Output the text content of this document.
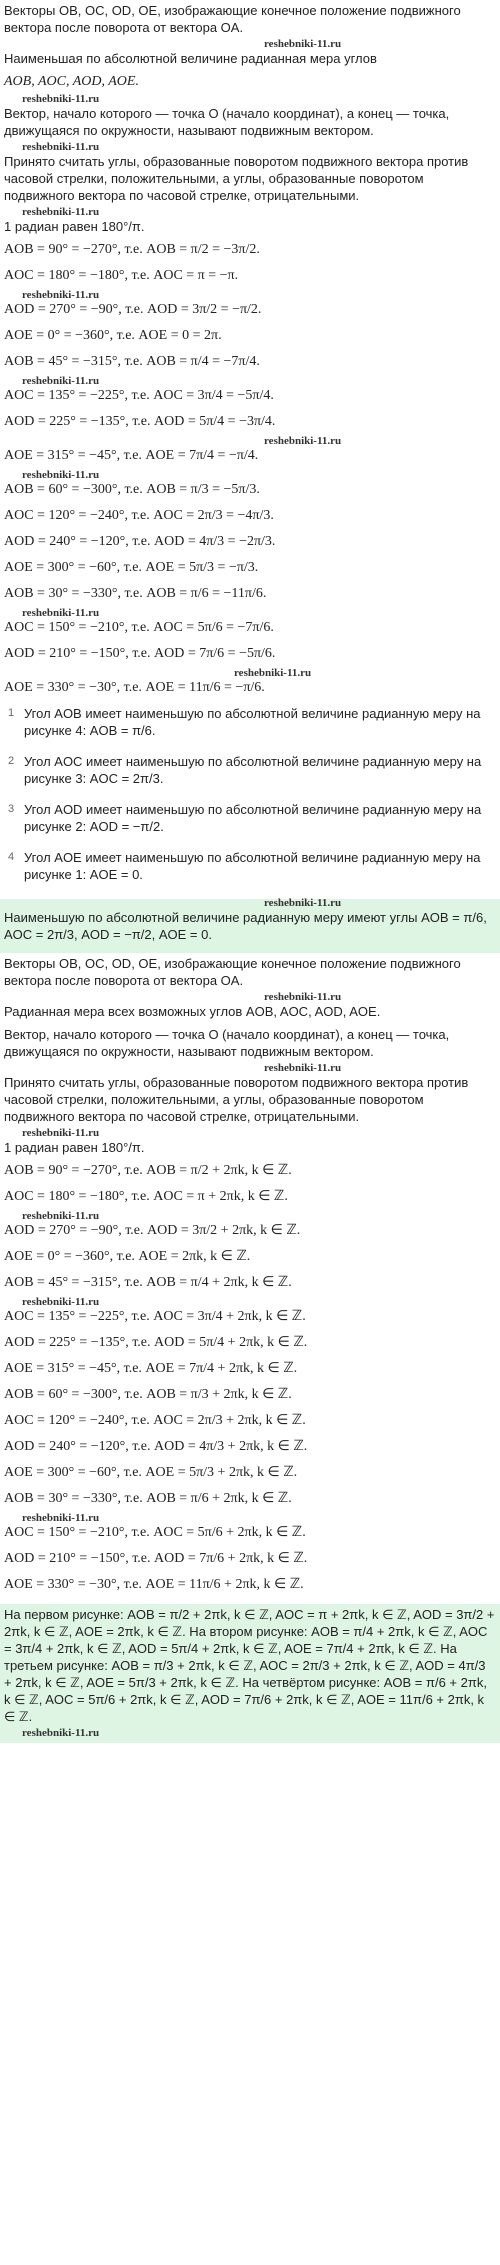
Векторы OB, OC, OD, OE, изображающие конечное положение подвижного вектора после поворота от вектора OA.

reshebniki-11.ru

Наименьшая по абсолютной величине радианная мера углов

AOB, AOC, AOD, AOE.

reshebniki-11.ru

Вектор, начало которого — точка O (начало координат), а конец — точка, движущаяся по окружности, называют подвижным вектором.

reshebniki-11.ru

Принято считать углы, образованные поворотом подвижного вектора против часовой стрелки, положительными, а углы, образованные поворотом подвижного вектора по часовой стрелке, отрицательными.

reshebniki-11.ru

1 радиан равен 180°/π.

AOB = 90° = −270°, т.е. AOB = π/2 = −3π/2.

AOC = 180° = −180°, т.е. AOC = π = −π.

reshebniki-11.ru

AOD = 270° = −90°, т.е. AOD = 3π/2 = −π/2.

AOE = 0° = −360°, т.е. AOE = 0 = 2π.

AOB = 45° = −315°, т.е. AOB = π/4 = −7π/4.

reshebniki-11.ru

AOC = 135° = −225°, т.е. AOC = 3π/4 = −5π/4.

AOD = 225° = −135°, т.е. AOD = 5π/4 = −3π/4.

reshebniki-11.ru

AOE = 315° = −45°, т.е. AOE = 7π/4 = −π/4.

reshebniki-11.ru

AOB = 60° = −300°, т.е. AOB = π/3 = −5π/3.

AOC = 120° = −240°, т.е. AOC = 2π/3 = −4π/3.

AOD = 240° = −120°, т.е. AOD = 4π/3 = −2π/3.

AOE = 300° = −60°, т.е. AOE = 5π/3 = −π/3.

AOB = 30° = −330°, т.е. AOB = π/6 = −11π/6.

reshebniki-11.ru

AOC = 150° = −210°, т.е. AOC = 5π/6 = −7π/6.

AOD = 210° = −150°, т.е. AOD = 7π/6 = −5π/6.

reshebniki-11.ru

AOE = 330° = −30°, т.е. AOE = 11π/6 = −π/6.

1 Угол AOB имеет наименьшую по абсолютной величине радианную меру на рисунке 4: AOB = π/6.
2 Угол AOC имеет наименьшую по абсолютной величине радианную меру на рисунке 3: AOC = 2π/3.
3 Угол AOD имеет наименьшую по абсолютной величине радианную меру на рисунке 2: AOD = −π/2.
4 Угол AOE имеет наименьшую по абсолютной величине радианную меру на рисунке 1: AOE = 0.
reshebniki-11.ru

Наименьшую по абсолютной величине радианную меру имеют углы AOB = π/6, AOC = 2π/3, AOD = −π/2, AOE = 0.

Векторы OB, OC, OD, OE, изображающие конечное положение подвижного вектора после поворота от вектора OA.

reshebniki-11.ru

Радианная мера всех возможных углов AOB, AOC, AOD, AOE.

Вектор, начало которого — точка O (начало координат), а конец — точка, движущаяся по окружности, называют подвижным вектором.

reshebniki-11.ru

Принято считать углы, образованные поворотом подвижного вектора против часовой стрелки, положительными, а углы, образованные поворотом подвижного вектора по часовой стрелке, отрицательными.

reshebniki-11.ru

1 радиан равен 180°/π.

AOB = 90° = −270°, т.е. AOB = π/2 + 2πk, k ∈ ℤ.

AOC = 180° = −180°, т.е. AOC = π + 2πk, k ∈ ℤ.

reshebniki-11.ru

AOD = 270° = −90°, т.е. AOD = 3π/2 + 2πk, k ∈ ℤ.

AOE = 0° = −360°, т.е. AOE = 2πk, k ∈ ℤ.

AOB = 45° = −315°, т.е. AOB = π/4 + 2πk, k ∈ ℤ.

reshebniki-11.ru

AOC = 135° = −225°, т.е. AOC = 3π/4 + 2πk, k ∈ ℤ.

AOD = 225° = −135°, т.е. AOD = 5π/4 + 2πk, k ∈ ℤ.

AOE = 315° = −45°, т.е. AOE = 7π/4 + 2πk, k ∈ ℤ.

AOB = 60° = −300°, т.е. AOB = π/3 + 2πk, k ∈ ℤ.

AOC = 120° = −240°, т.е. AOC = 2π/3 + 2πk, k ∈ ℤ.

AOD = 240° = −120°, т.е. AOD = 4π/3 + 2πk, k ∈ ℤ.

AOE = 300° = −60°, т.е. AOE = 5π/3 + 2πk, k ∈ ℤ.

AOB = 30° = −330°, т.е. AOB = π/6 + 2πk, k ∈ ℤ.

reshebniki-11.ru

AOC = 150° = −210°, т.е. AOC = 5π/6 + 2πk, k ∈ ℤ.

AOD = 210° = −150°, т.е. AOD = 7π/6 + 2πk, k ∈ ℤ.

AOE = 330° = −30°, т.е. AOE = 11π/6 + 2πk, k ∈ ℤ.

На первом рисунке: AOB = π/2 + 2πk, k ∈ ℤ, AOC = π + 2πk, k ∈ ℤ, AOD = 3π/2 + 2πk, k ∈ ℤ, AOE = 2πk, k ∈ ℤ. На втором рисунке: AOB = π/4 + 2πk, k ∈ ℤ, AOC = 3π/4 + 2πk, k ∈ ℤ, AOD = 5π/4 + 2πk, k ∈ ℤ, AOE = 7π/4 + 2πk, k ∈ ℤ. На третьем рисунке: AOB = π/3 + 2πk, k ∈ ℤ, AOC = 2π/3 + 2πk, k ∈ ℤ, AOD = 4π/3 + 2πk, k ∈ ℤ, AOE = 5π/3 + 2πk, k ∈ ℤ. На четвёртом рисунке: AOB = π/6 + 2πk, k ∈ ℤ, AOC = 5π/6 + 2πk, k ∈ ℤ, AOD = 7π/6 + 2πk, k ∈ ℤ, AOE = 11π/6 + 2πk, k ∈ ℤ.

reshebniki-11.ru
